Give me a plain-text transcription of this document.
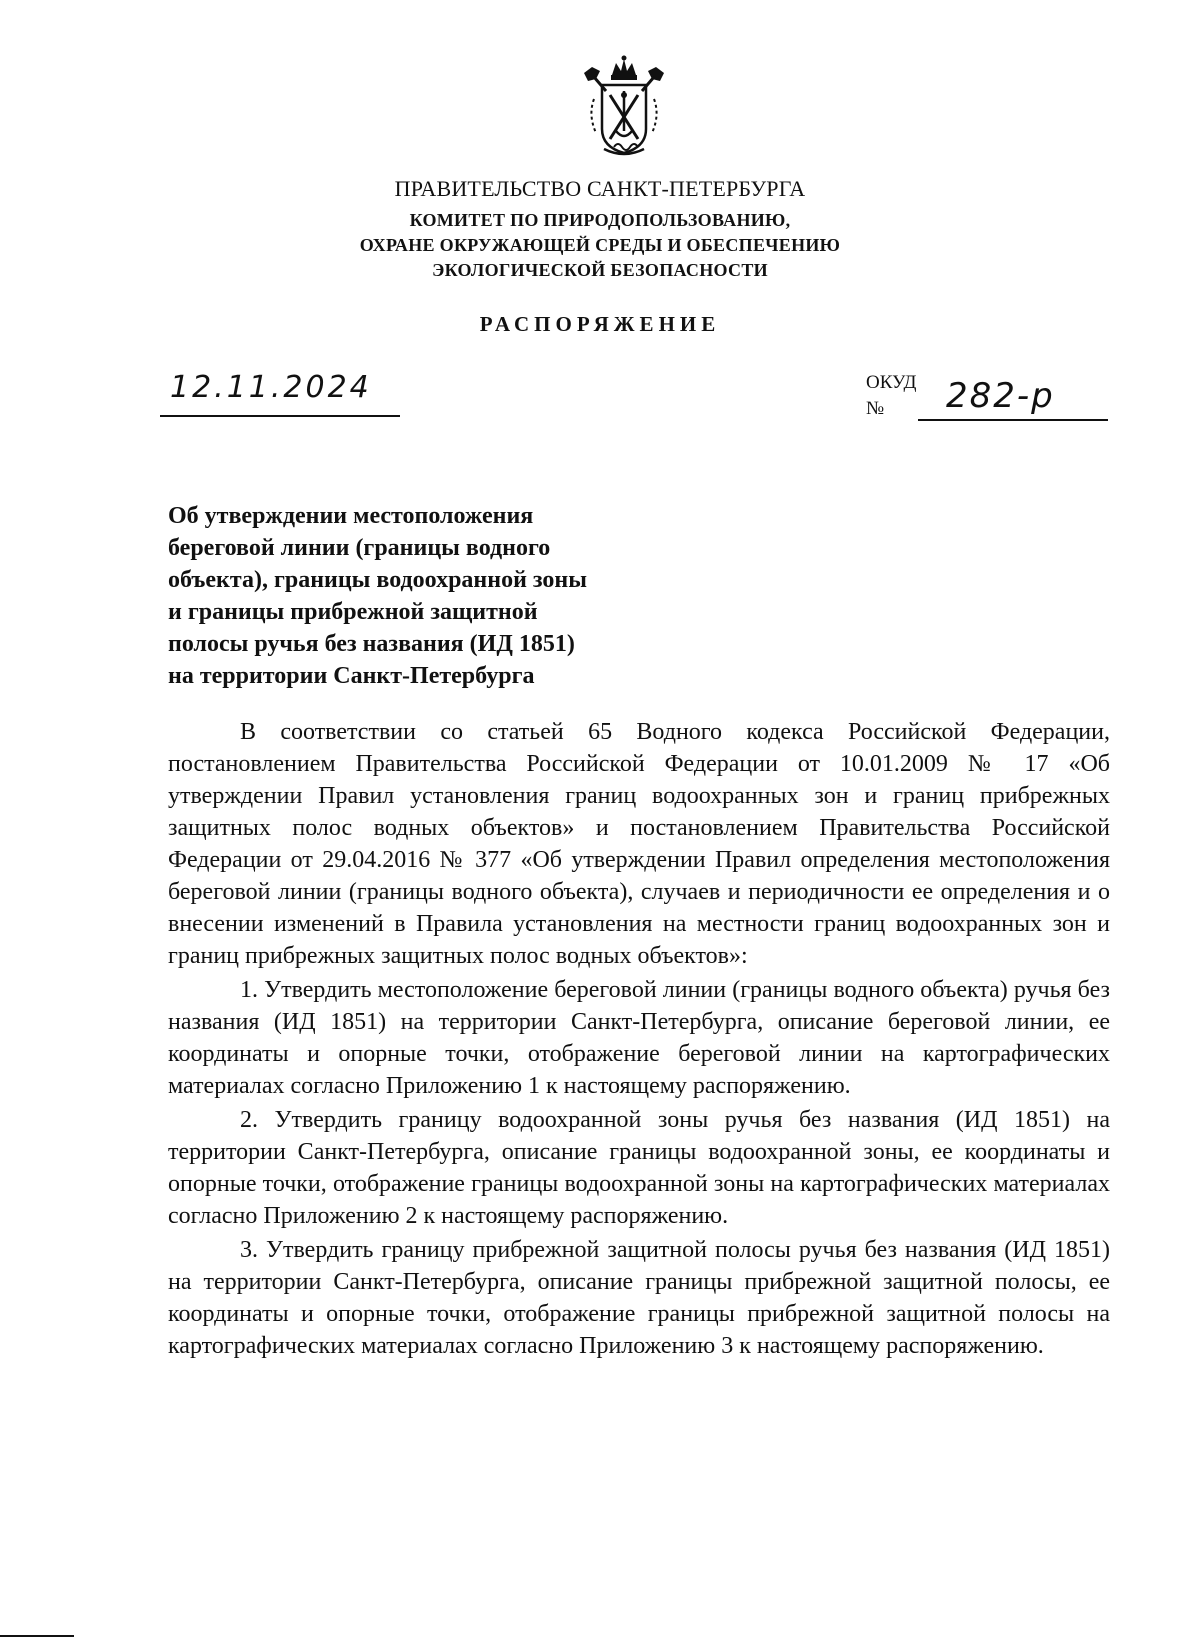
ПРАВИТЕЛЬСТВО САНКТ-ПЕТЕРБУРГА
КОМИТЕТ ПО ПРИРОДОПОЛЬЗОВАНИЮ,
ОХРАНЕ ОКРУЖАЮЩЕЙ СРЕДЫ И ОБЕСПЕЧЕНИЮ
ЭКОЛОГИЧЕСКОЙ БЕЗОПАСНОСТИ
РАСПОРЯЖЕНИЕ
12.11.2024	ОКУД
№ 282-р
Об утверждении местоположения
береговой линии (границы водного
объекта), границы водоохранной зоны
и границы прибрежной защитной
полосы ручья без названия (ИД 1851)
на территории Санкт-Петербурга

В соответствии со статьей 65 Водного кодекса Российской Федерации, постановлением Правительства Российской Федерации от 10.01.2009 № 17 «Об утверждении Правил установления границ водоохранных зон и границ прибрежных защитных полос водных объектов» и постановлением Правительства Российской Федерации от 29.04.2016 № 377 «Об утверждении Правил определения местоположения береговой линии (границы водного объекта), случаев и периодичности ее определения и о внесении изменений в Правила установления на местности границ водоохранных зон и границ прибрежных защитных полос водных объектов»:

1. Утвердить местоположение береговой линии (границы водного объекта) ручья без названия (ИД 1851) на территории Санкт-Петербурга, описание береговой линии, ее координаты и опорные точки, отображение береговой линии на картографических материалах согласно Приложению 1 к настоящему распоряжению.

2. Утвердить границу водоохранной зоны ручья без названия (ИД 1851) на территории Санкт-Петербурга, описание границы водоохранной зоны, ее координаты и опорные точки, отображение границы водоохранной зоны на картографических материалах согласно Приложению 2 к настоящему распоряжению.

3. Утвердить границу прибрежной защитной полосы ручья без названия (ИД 1851) на территории Санкт-Петербурга, описание границы прибрежной защитной полосы, ее координаты и опорные точки, отображение границы прибрежной защитной полосы на картографических материалах согласно Приложению 3 к настоящему распоряжению.
